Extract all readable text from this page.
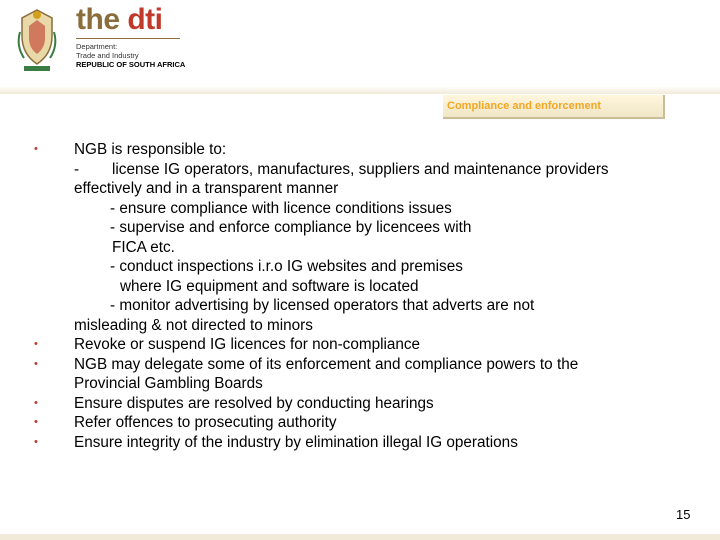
the dti
Department:
Trade and Industry
REPUBLIC OF SOUTH AFRICA
Compliance and enforcement
• NGB is responsible to:
- license IG operators, manufactures, suppliers and maintenance providers
effectively and in a transparent manner
- ensure compliance with licence conditions issues
- supervise and enforce compliance by licencees with
FICA etc.
- conduct inspections i.r.o IG websites and premises
where IG equipment and software is located
- monitor advertising by licensed operators that adverts are not
misleading & not directed to minors
• Revoke or suspend IG licences for non-compliance
• NGB may delegate some of its enforcement and compliance powers to the
Provincial Gambling Boards
• Ensure disputes are resolved by conducting hearings
• Refer offences to prosecuting authority
• Ensure integrity of the industry by elimination illegal IG operations
15
